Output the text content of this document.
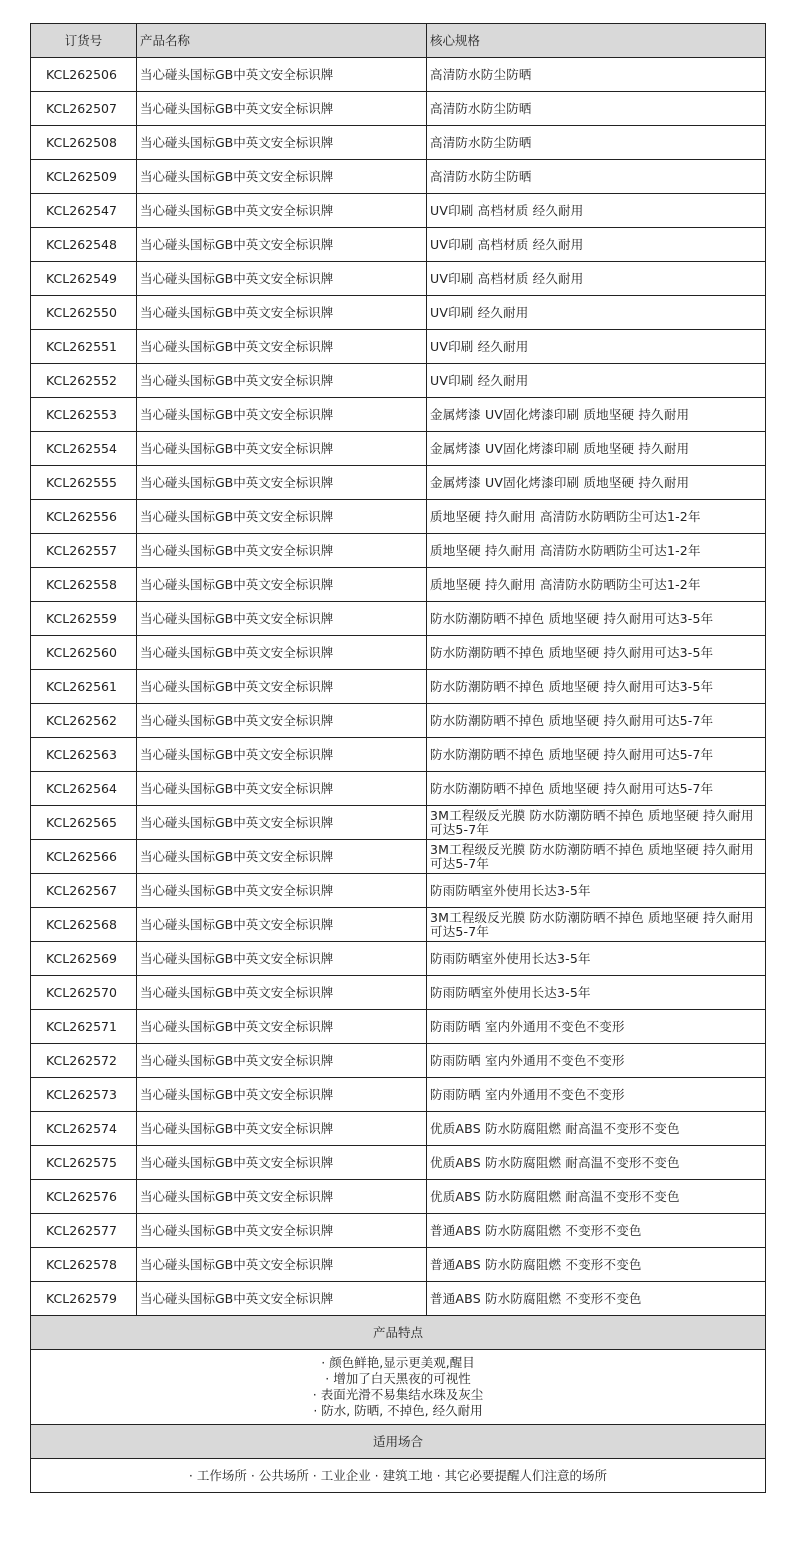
订货号	产品名称	核心规格
KCL262506	当心碰头国标GB中英文安全标识牌	高清防水防尘防晒
KCL262507	当心碰头国标GB中英文安全标识牌	高清防水防尘防晒
KCL262508	当心碰头国标GB中英文安全标识牌	高清防水防尘防晒
KCL262509	当心碰头国标GB中英文安全标识牌	高清防水防尘防晒
KCL262547	当心碰头国标GB中英文安全标识牌	UV印刷 高档材质 经久耐用
KCL262548	当心碰头国标GB中英文安全标识牌	UV印刷 高档材质 经久耐用
KCL262549	当心碰头国标GB中英文安全标识牌	UV印刷 高档材质 经久耐用
KCL262550	当心碰头国标GB中英文安全标识牌	UV印刷 经久耐用
KCL262551	当心碰头国标GB中英文安全标识牌	UV印刷 经久耐用
KCL262552	当心碰头国标GB中英文安全标识牌	UV印刷 经久耐用
KCL262553	当心碰头国标GB中英文安全标识牌	金属烤漆 UV固化烤漆印刷 质地坚硬 持久耐用
KCL262554	当心碰头国标GB中英文安全标识牌	金属烤漆 UV固化烤漆印刷 质地坚硬 持久耐用
KCL262555	当心碰头国标GB中英文安全标识牌	金属烤漆 UV固化烤漆印刷 质地坚硬 持久耐用
KCL262556	当心碰头国标GB中英文安全标识牌	质地坚硬 持久耐用 高清防水防晒防尘可达1-2年
KCL262557	当心碰头国标GB中英文安全标识牌	质地坚硬 持久耐用 高清防水防晒防尘可达1-2年
KCL262558	当心碰头国标GB中英文安全标识牌	质地坚硬 持久耐用 高清防水防晒防尘可达1-2年
KCL262559	当心碰头国标GB中英文安全标识牌	防水防潮防晒不掉色 质地坚硬 持久耐用可达3-5年
KCL262560	当心碰头国标GB中英文安全标识牌	防水防潮防晒不掉色 质地坚硬 持久耐用可达3-5年
KCL262561	当心碰头国标GB中英文安全标识牌	防水防潮防晒不掉色 质地坚硬 持久耐用可达3-5年
KCL262562	当心碰头国标GB中英文安全标识牌	防水防潮防晒不掉色 质地坚硬 持久耐用可达5-7年
KCL262563	当心碰头国标GB中英文安全标识牌	防水防潮防晒不掉色 质地坚硬 持久耐用可达5-7年
KCL262564	当心碰头国标GB中英文安全标识牌	防水防潮防晒不掉色 质地坚硬 持久耐用可达5-7年
KCL262565	当心碰头国标GB中英文安全标识牌	3M工程级反光膜 防水防潮防晒不掉色 质地坚硬 持久耐用可达5-7年
KCL262566	当心碰头国标GB中英文安全标识牌	3M工程级反光膜 防水防潮防晒不掉色 质地坚硬 持久耐用可达5-7年
KCL262567	当心碰头国标GB中英文安全标识牌	防雨防晒室外使用长达3-5年
KCL262568	当心碰头国标GB中英文安全标识牌	3M工程级反光膜 防水防潮防晒不掉色 质地坚硬 持久耐用可达5-7年
KCL262569	当心碰头国标GB中英文安全标识牌	防雨防晒室外使用长达3-5年
KCL262570	当心碰头国标GB中英文安全标识牌	防雨防晒室外使用长达3-5年
KCL262571	当心碰头国标GB中英文安全标识牌	防雨防晒 室内外通用不变色不变形
KCL262572	当心碰头国标GB中英文安全标识牌	防雨防晒 室内外通用不变色不变形
KCL262573	当心碰头国标GB中英文安全标识牌	防雨防晒 室内外通用不变色不变形
KCL262574	当心碰头国标GB中英文安全标识牌	优质ABS 防水防腐阻燃 耐高温不变形不变色
KCL262575	当心碰头国标GB中英文安全标识牌	优质ABS 防水防腐阻燃 耐高温不变形不变色
KCL262576	当心碰头国标GB中英文安全标识牌	优质ABS 防水防腐阻燃 耐高温不变形不变色
KCL262577	当心碰头国标GB中英文安全标识牌	普通ABS 防水防腐阻燃 不变形不变色
KCL262578	当心碰头国标GB中英文安全标识牌	普通ABS 防水防腐阻燃 不变形不变色
KCL262579	当心碰头国标GB中英文安全标识牌	普通ABS 防水防腐阻燃 不变形不变色
产品特点		

· 颜色鲜艳,显示更美观,醒目
· 增加了白天黑夜的可视性
· 表面光滑不易集结水珠及灰尘
· 防水, 防晒, 不掉色, 经久耐用		

适用场合		
· 工作场所 · 公共场所 · 工业企业 · 建筑工地 · 其它必要提醒人们注意的场所		
